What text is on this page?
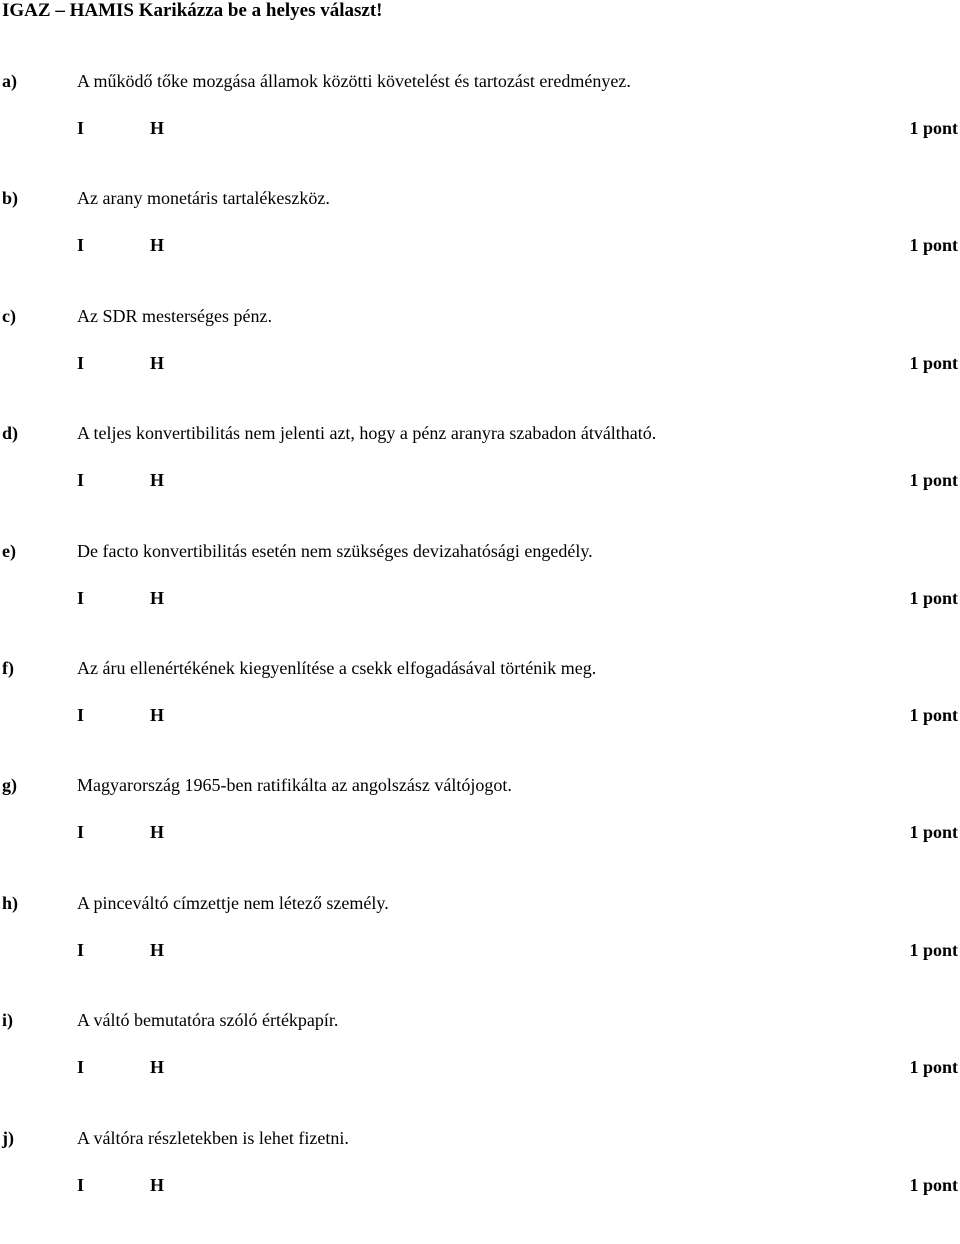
IGAZ – HAMIS Karikázza be a helyes választ!
a)	A működő tőke mozgása államok közötti követelést és tartozást eredményez.
I	H	1 pont
b)	Az arany monetáris tartalékeszköz.
I	H	1 pont
c)	Az SDR mesterséges pénz.
I	H	1 pont
d)	A teljes konvertibilitás nem jelenti azt, hogy a pénz aranyra szabadon átváltható.
I	H	1 pont
e)	De facto konvertibilitás esetén nem szükséges devizahatósági engedély.
I	H	1 pont
f)	Az áru ellenértékének kiegyenlítése a csekk elfogadásával történik meg.
I	H	1 pont
g)	Magyarország 1965-ben ratifikálta az angolszász váltójogot.
I	H	1 pont
h)	A pinceváltó címzettje nem létező személy.
I	H	1 pont
i)	A váltó bemutatóra szóló értékpapír.
I	H	1 pont
j)	A váltóra részletekben is lehet fizetni.
I	H	1 pont
